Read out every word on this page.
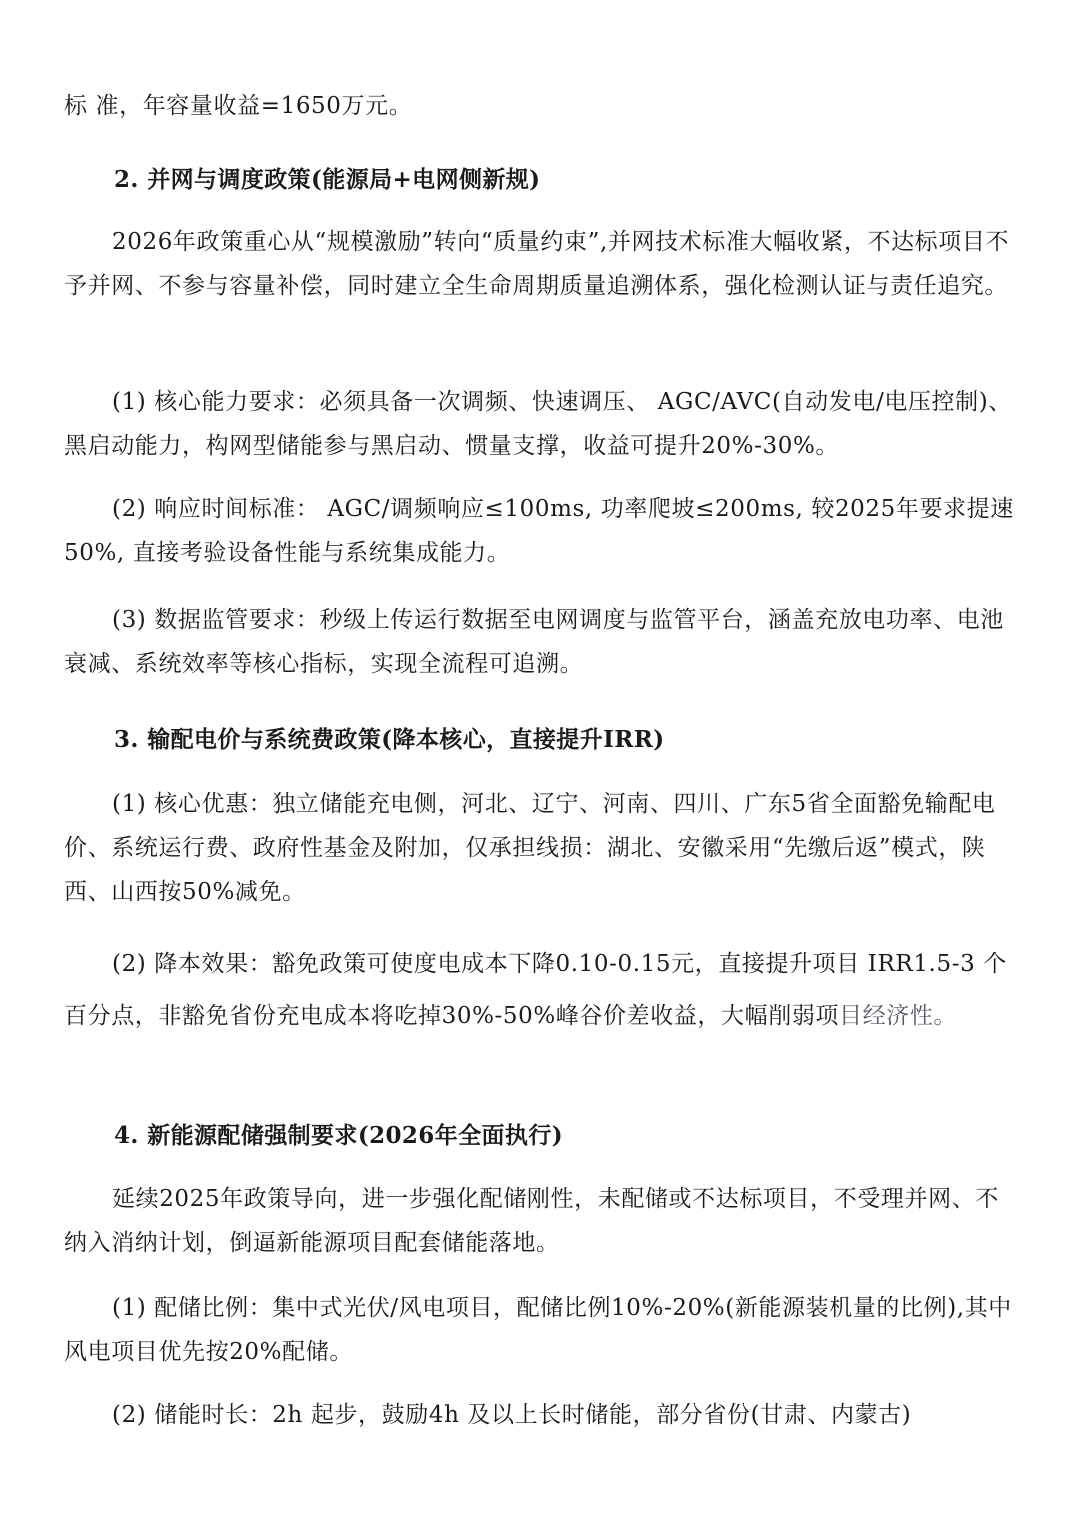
标 准，年容量收益=1650万元。

2. 并网与调度政策(能源局+电网侧新规)

2026年政策重心从“规模激励”转向“质量约束”,并网技术标准大幅收紧，不达标项目不予并网、不参与容量补偿，同时建立全生命周期质量追溯体系，强化检测认证与责任追究。

(1) 核心能力要求：必须具备一次调频、快速调压、 AGC/AVC(自动发电/电压控制)、黑启动能力，构网型储能参与黑启动、惯量支撑，收益可提升20%-30%。

(2) 响应时间标准： AGC/调频响应≤100ms, 功率爬坡≤200ms, 较2025年要求提速50%, 直接考验设备性能与系统集成能力。

(3) 数据监管要求：秒级上传运行数据至电网调度与监管平台，涵盖充放电功率、电池衰减、系统效率等核心指标，实现全流程可追溯。

3. 输配电价与系统费政策(降本核心，直接提升IRR)

(1) 核心优惠：独立储能充电侧，河北、辽宁、河南、四川、广东5省全面豁免输配电价、系统运行费、政府性基金及附加，仅承担线损：湖北、安徽采用“先缴后返”模式，陕西、山西按50%减免。

(2) 降本效果：豁免政策可使度电成本下降0.10-0.15元，直接提升项目 IRR1.5-3 个百分点，非豁免省份充电成本将吃掉30%-50%峰谷价差收益，大幅削弱项目经济性。

4. 新能源配储强制要求(2026年全面执行)

延续2025年政策导向，进一步强化配储刚性，未配储或不达标项目，不受理并网、不纳入消纳计划，倒逼新能源项目配套储能落地。

(1) 配储比例：集中式光伏/风电项目，配储比例10%-20%(新能源装机量的比例),其中风电项目优先按20%配储。

(2) 储能时长：2h 起步，鼓励4h 及以上长时储能，部分省份(甘肃、内蒙古)
